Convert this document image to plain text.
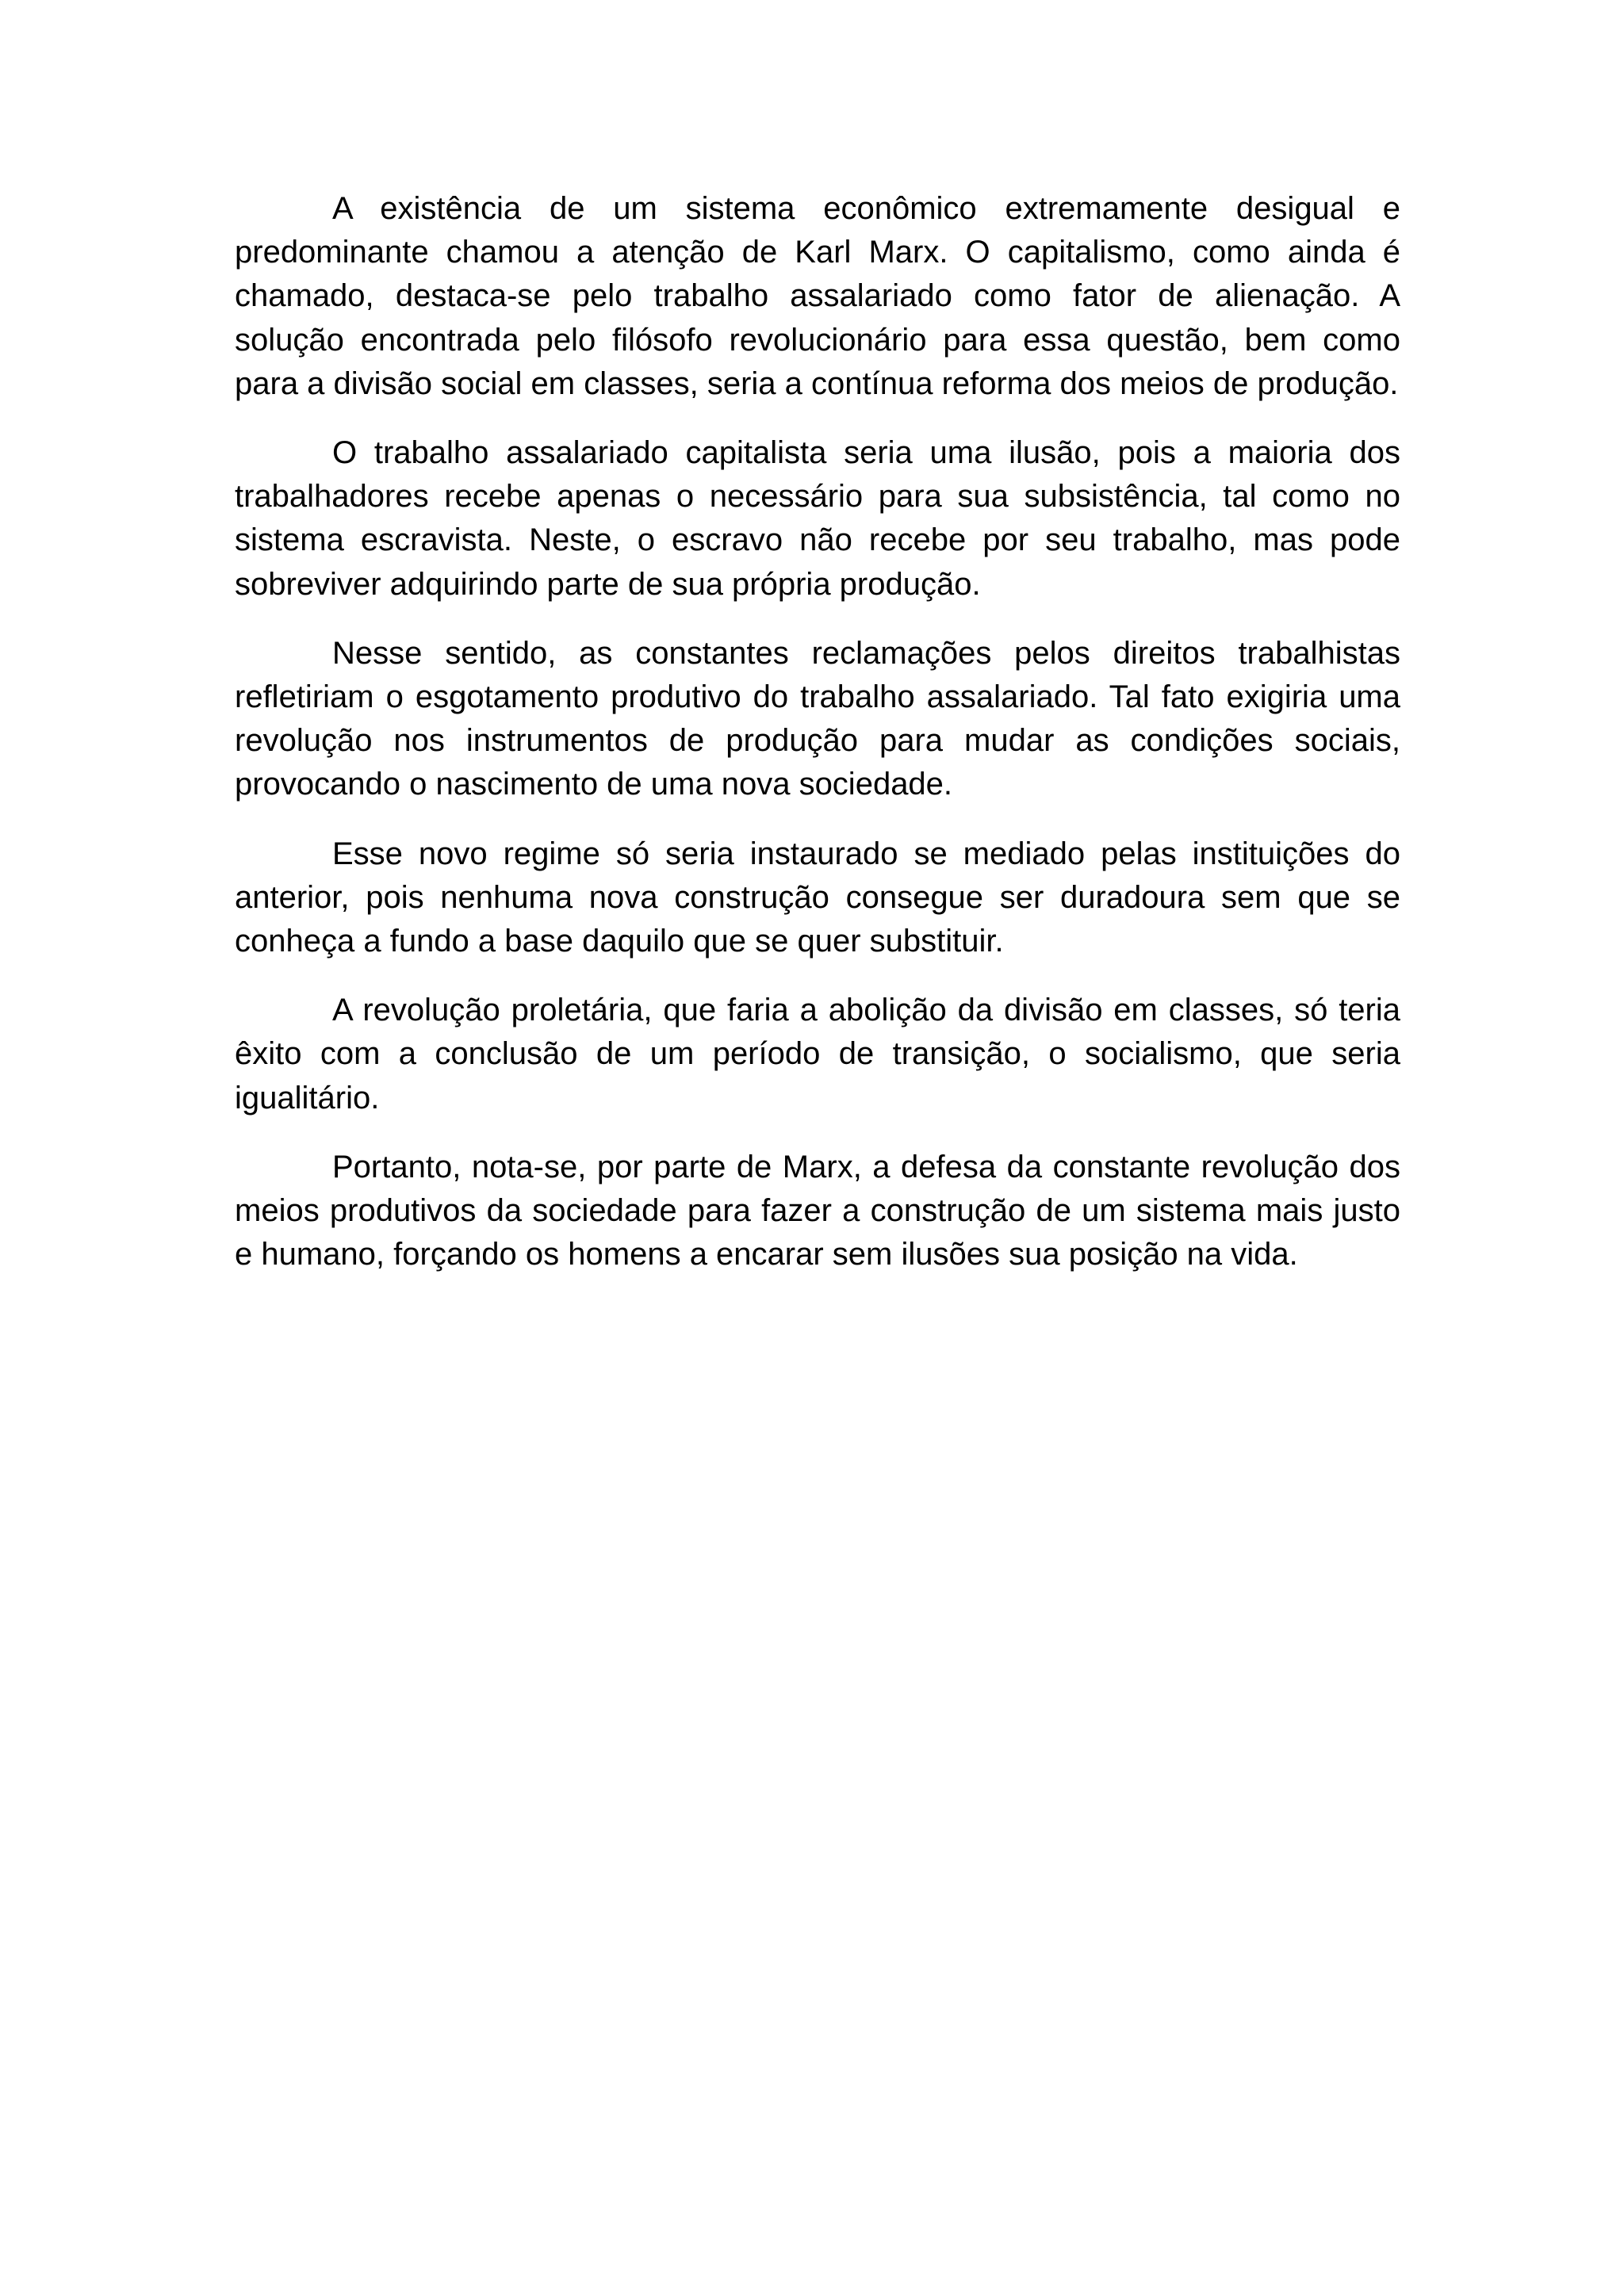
A existência de um sistema econômico extremamente desigual e predominante chamou a atenção de Karl Marx. O capitalismo, como ainda é chamado, destaca-se pelo trabalho assalariado como fator de alienação. A solução encontrada pelo filósofo revolucionário para essa questão, bem como para a divisão social em classes, seria a contínua reforma dos meios de produção.

O trabalho assalariado capitalista seria uma ilusão, pois a maioria dos trabalhadores recebe apenas o necessário para sua subsistência, tal como no sistema escravista. Neste, o escravo não recebe por seu trabalho, mas pode sobreviver adquirindo parte de sua própria produção.

Nesse sentido, as constantes reclamações pelos direitos trabalhistas refletiriam o esgotamento produtivo do trabalho assalariado. Tal fato exigiria uma revolução nos instrumentos de produção para mudar as condições sociais, provocando o nascimento de uma nova sociedade.

Esse novo regime só seria instaurado se mediado pelas instituições do anterior, pois nenhuma nova construção consegue ser duradoura sem que se conheça a fundo a base daquilo que se quer substituir.

A revolução proletária, que faria a abolição da divisão em classes, só teria êxito com a conclusão de um período de transição, o socialismo, que seria igualitário.

Portanto, nota-se, por parte de Marx, a defesa da constante revolução dos meios produtivos da sociedade para fazer a construção de um sistema mais justo e humano, forçando os homens a encarar sem ilusões sua posição na vida.
